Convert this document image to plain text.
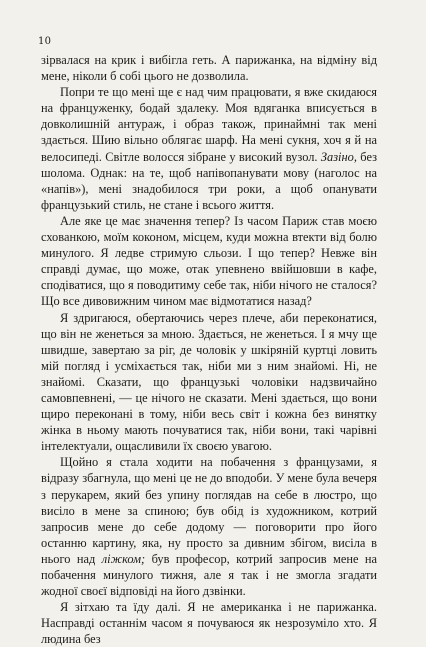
10

зірвалася на крик і вибігла геть. А парижанка, на відміну від мене, ніколи б собі цього не дозволила.

Попри те що мені ще є над чим працювати, я вже скидаюся на француженку, бодай здалеку. Моя вдяганка вписується в довколишній антураж, і образ також, принаймні так мені здається. Шию вільно облягає шарф. На мені сукня, хоч я й на велосипеді. Світле волосся зібране у високий вузол. Зазіно, без шолома. Однак: на те, щоб напівопанувати мову (наголос на «напів»), мені знадобилося три роки, а щоб опанувати французький стиль, не стане і всього життя.

Але яке це має значення тепер? Із часом Париж став моєю схованкою, моїм коконом, місцем, куди можна втекти від болю минулого. Я ледве стримую сльози. І що тепер? Невже він справді думає, що може, отак упевнено ввійшовши в кафе, сподіватися, що я поводитиму себе так, ніби нічого не сталося? Що все дивовижним чином має відмотатися назад?

Я здригаюся, обертаючись через плече, аби переконатися, що він не женеться за мною. Здається, не женеться. І я мчу ще швидше, завертаю за ріг, де чоловік у шкіряній куртці ловить мій погляд і усміхається так, ніби ми з ним знайомі. Ні, не знайомі. Сказати, що французькі чоловіки надзвичайно самовпевнені, — це нічого не сказати. Мені здається, що вони щиро переконані в тому, ніби весь світ і кожна без винятку жінка в ньому мають почуватися так, ніби вони, такі чарівні інтелектуали, ощасливили їх своєю увагою.

Щойно я стала ходити на побачення з французами, я відразу збагнула, що мені це не до вподоби. У мене була вечеря з перукарем, який без упину поглядав на себе в люстро, що висіло в мене за спиною; був обід із художником, котрий запросив мене до себе додому — поговорити про його останню картину, яка, ну просто за дивним збігом, висіла в нього над ліжком; був професор, котрий запросив мене на побачення минулого тижня, але я так і не змогла згадати жодної своєї відповіді на його дзвінки.

Я зітхаю та їду далі. Я не американка і не парижанка. Насправді останнім часом я почуваюся як незрозуміло хто. Я людина без
